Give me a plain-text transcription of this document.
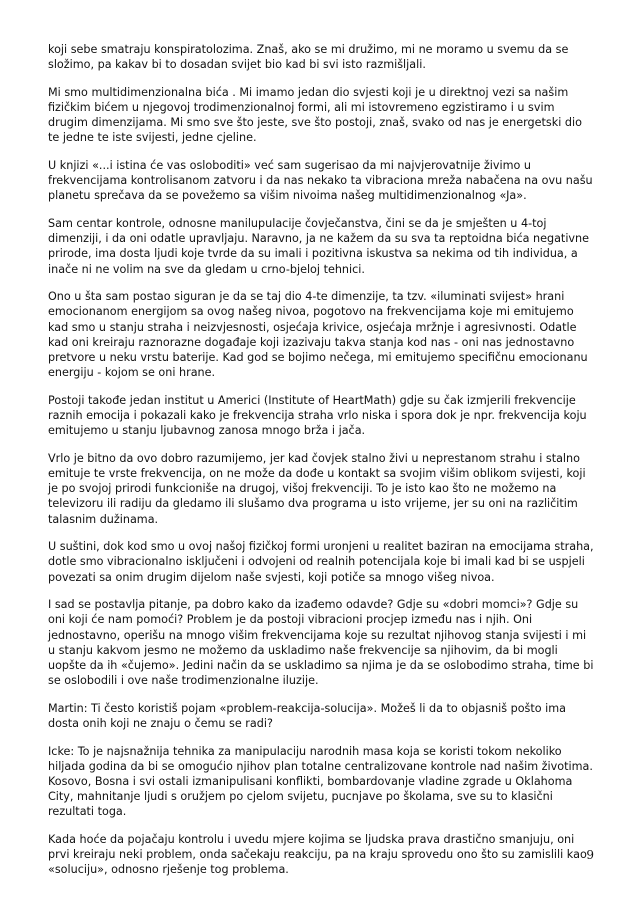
koji sebe smatraju konspiratolozima. Znaš, ako se mi družimo, mi ne moramo u svemu da se složimo, pa kakav bi to dosadan svijet bio kad bi svi isto razmišljali.

Mi smo multidimenzionalna bića . Mi imamo jedan dio svjesti koji je u direktnoj vezi sa našim fizičkim bićem u njegovoj trodimenzionalnoj formi, ali mi istovremeno egzistiramo i u svim drugim dimenzijama. Mi smo sve što jeste, sve što postoji, znaš, svako od nas je energetski dio te jedne te iste svijesti, jedne cjeline.

U knjizi «...i istina će vas osloboditi» već sam sugerisao da mi najvjerovatnije živimo u frekvencijama kontrolisanom zatvoru i da nas nekako ta vibraciona mreža nabačena na ovu našu planetu sprečava da se povežemo sa višim nivoima našeg multidimenzionalnog «Ja».

Sam centar kontrole, odnosne manilupulacije čovječanstva, čini se da je smješten u 4-toj dimenziji, i da oni odatle upravljaju. Naravno, ja ne kažem da su sva ta reptoidna bića negativne prirode, ima dosta ljudi koje tvrde da su imali i pozitivna iskustva sa nekima od tih individua, a inače ni ne volim na sve da gledam u crno-bjeloj tehnici.

Ono u šta sam postao siguran je da se taj dio 4-te dimenzije, ta tzv. «iluminati svijest» hrani emocionanom energijom sa ovog našeg nivoa, pogotovo na frekvencijama koje mi emitujemo kad smo u stanju straha i neizvjesnosti, osjećaja krivice, osjećaja mržnje i agresivnosti. Odatle kad oni kreiraju raznorazne događaje koji izazivaju takva stanja kod nas - oni nas jednostavno pretvore u neku vrstu baterije. Kad god se bojimo nečega, mi emitujemo specifičnu emocionanu energiju - kojom se oni hrane.

Postoji takođe jedan institut u Americi (Institute of HeartMath) gdje su čak izmjerili frekvencije raznih emocija i pokazali kako je frekvencija straha vrlo niska i spora dok je npr. frekvencija koju emitujemo u stanju ljubavnog zanosa mnogo brža i jača.

Vrlo je bitno da ovo dobro razumijemo, jer kad čovjek stalno živi u neprestanom strahu i stalno emituje te vrste frekvencija, on ne može da dođe u kontakt sa svojim višim oblikom svijesti, koji je po svojoj prirodi funkcioniše na drugoj, višoj frekvenciji. To je isto kao što ne možemo na televizoru ili radiju da gledamo ili slušamo dva programa u isto vrijeme, jer su oni na različitim talasnim dužinama.

U suštini, dok kod smo u ovoj našoj fizičkoj formi uronjeni u realitet baziran na emocijama straha, dotle smo vibracionalno isključeni i odvojeni od realnih potencijala koje bi imali kad bi se uspjeli povezati sa onim drugim dijelom naše svjesti, koji potiče sa mnogo višeg nivoa.

I sad se postavlja pitanje, pa dobro kako da izađemo odavde? Gdje su «dobri momci»? Gdje su oni koji će nam pomoći? Problem je da postoji vibracioni procjep između nas i njih. Oni jednostavno, operišu na mnogo višim frekvencijama koje su rezultat njihovog stanja svijesti i mi u stanju kakvom jesmo ne možemo da uskladimo naše frekvencije sa njihovim, da bi mogli uopšte da ih «čujemo». Jedini način da se uskladimo sa njima je da se oslobodimo straha, time bi se oslobodili i ove naše trodimenzionalne iluzije.

Martin: Ti često koristiš pojam «problem-reakcija-solucija». Možeš li da to objasniš pošto ima dosta onih koji ne znaju o čemu se radi?

Icke: To je najsnažnija tehnika za manipulaciju narodnih masa koja se koristi tokom nekoliko hiljada godina da bi se omogućio njihov plan totalne centralizovane kontrole nad našim životima. Kosovo, Bosna i svi ostali izmanipulisani konflikti, bombardovanje vladine zgrade u Oklahoma City, mahnitanje ljudi s oružjem po cjelom svijetu, pucnjave po školama, sve su to klasični rezultati toga.

Kada hoće da pojačaju kontrolu i uvedu mjere kojima se ljudska prava drastično smanjuju, oni prvi kreiraju neki problem, onda sačekaju reakciju, pa na kraju sprovedu ono što su zamislili kao «soluciju», odnosno rješenje tog problema.

9
